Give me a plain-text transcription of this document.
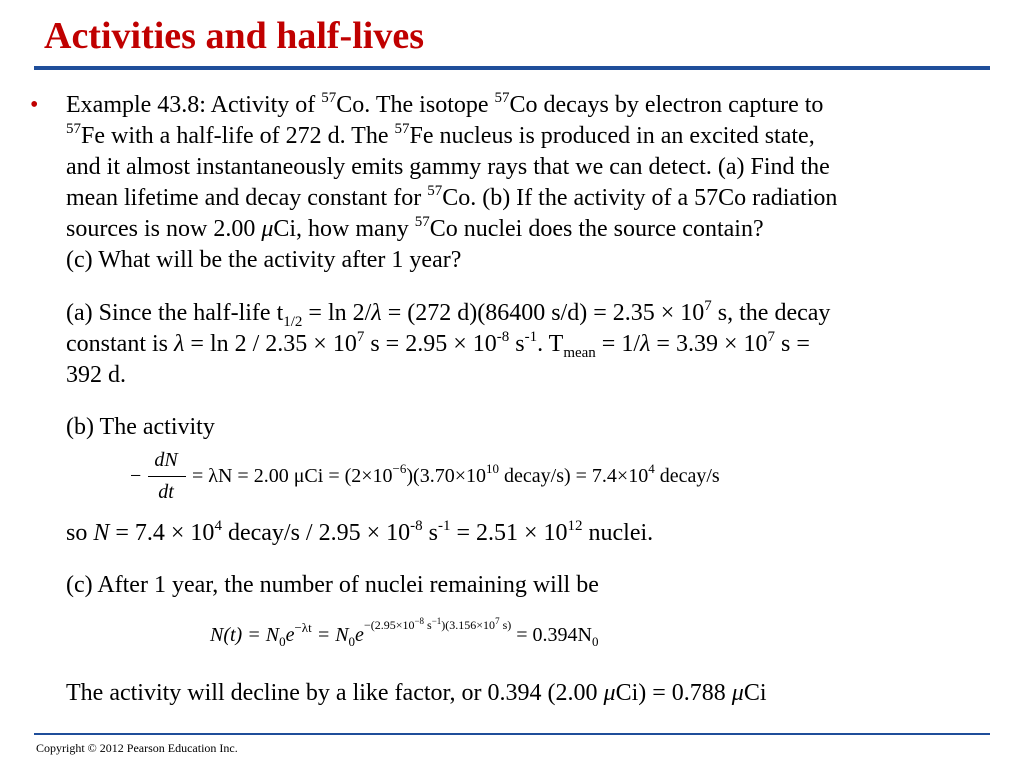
Activities and half-lives
• Example 43.8: Activity of $^{57}$Co. The isotope $^{57}$Co decays by electron capture to
$^{57}$Fe with a half-life of 272 d. The $^{57}$Fe nucleus is produced in an excited state,
and it almost instantaneously emits gammy rays that we can detect. (a) Find the
mean lifetime and decay constant for $^{57}$Co. (b) If the activity of a 57Co radiation
sources is now 2.00 μCi, how many $^{57}$Co nuclei does the source contain?
(c) What will be the activity after 1 year?
(a) Since the half-life $t_{1/2} = \ln 2/\lambda = (272$ d)(86400 $s/d) = 2.35 \times 10^7$ s, the decay
constant is $\lambda = \ln 2 / 2.35 \times 10^7$ $s = 2.95 \times 10^{-8}$ $s^{-1}$. $T_{mean} = 1/\lambda = 3.39 \times 10^7$ s =
392 d.
(b) The activity
−
dN
dt
= λN = 2.00 $\mu Ci = (2\times 10^{-6})(3.70\times 10^{10}$ decay/s) = $7.4\times 10^4$ decay/s
so $N = 7.4 \times 10^4$ decay/s / $2.95 \times 10^{-8}$ $s^{-1} = 2.51 \times 10^{12}$ nuclei.
(c) After 1 year, the number of nuclei remaining will be
$N(t) = N_0e^{-\lambda t} = N_0e^{-(2.95\times 10^{-8} s^{-1})(3.156\times 10^7 s)} = 0.394N_0$
The activity will decline by a like factor, or 0.394 (2.00 μCi) = 0.788 μCi
Copyright © 2012 Pearson Education Inc.
